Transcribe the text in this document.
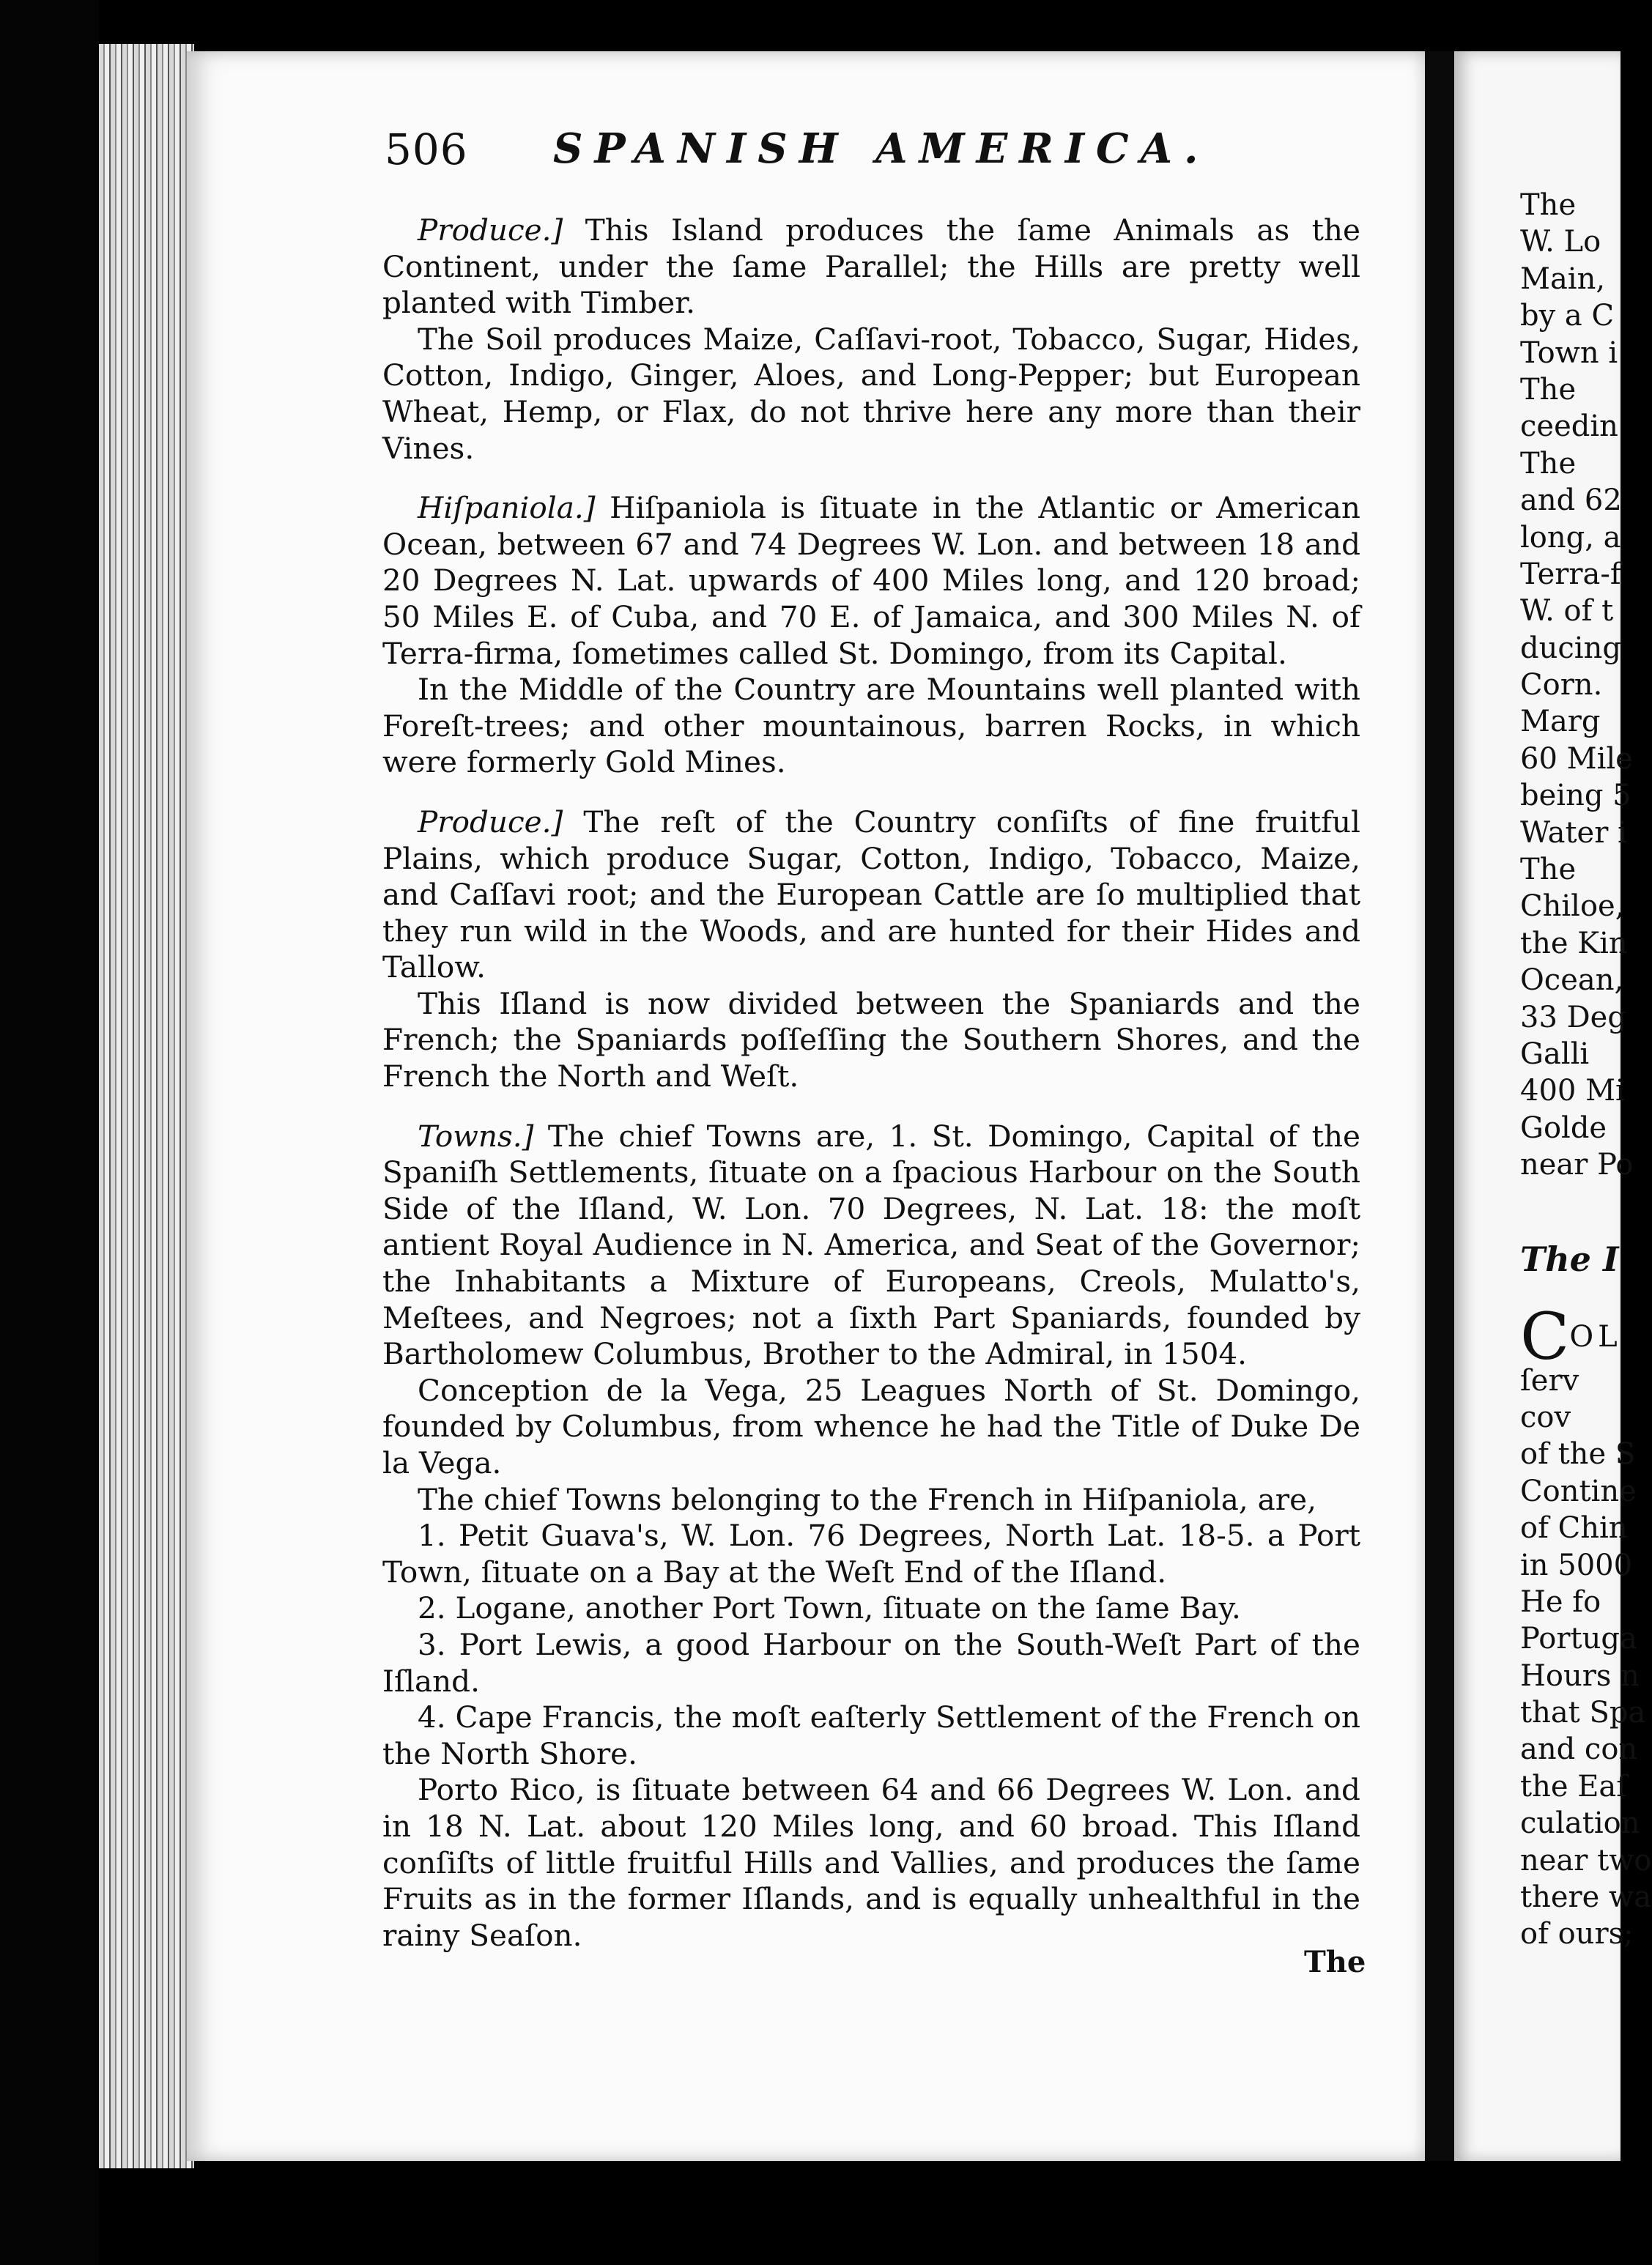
506 SPANISH AMERICA.

Produce.] This Island produces the ſame Animals as the Continent, under the ſame Parallel; the Hills are pretty well planted with Timber.

The Soil produces Maize, Caſſavi-root, Tobacco, Sugar, Hides, Cotton, Indigo, Ginger, Aloes, and Long-Pepper; but European Wheat, Hemp, or Flax, do not thrive here any more than their Vines.

Hiſpaniola.] Hiſpaniola is ſituate in the Atlantic or American Ocean, between 67 and 74 Degrees W. Lon. and between 18 and 20 Degrees N. Lat. upwards of 400 Miles long, and 120 broad; 50 Miles E. of Cuba, and 70 E. of Jamaica, and 300 Miles N. of Terra-firma, ſometimes called St. Domingo, from its Capital.

In the Middle of the Country are Mountains well planted with Foreſt-trees; and other mountainous, barren Rocks, in which were formerly Gold Mines.

Produce.] The reſt of the Country conſiſts of fine fruitful Plains, which produce Sugar, Cotton, Indigo, Tobacco, Maize, and Caſſavi root; and the European Cattle are ſo multiplied that they run wild in the Woods, and are hunted for their Hides and Tallow.

This Iſland is now divided between the Spaniards and the French; the Spaniards poſſeſſing the Southern Shores, and the French the North and Weſt.

Towns.] The chief Towns are, 1. St. Domingo, Capital of the Spaniſh Settlements, ſituate on a ſpacious Harbour on the South Side of the Iſland, W. Lon. 70 Degrees, N. Lat. 18: the moſt antient Royal Audience in N. America, and Seat of the Governor; the Inhabitants a Mixture of Europeans, Creols, Mulatto's, Meſtees, and Negroes; not a ſixth Part Spaniards, founded by Bartholomew Columbus, Brother to the Admiral, in 1504.

Conception de la Vega, 25 Leagues North of St. Domingo, founded by Columbus, from whence he had the Title of Duke De la Vega.

The chief Towns belonging to the French in Hiſpaniola, are,

1. Petit Guava's, W. Lon. 76 Degrees, North Lat. 18-5. a Port Town, ſituate on a Bay at the Weſt End of the Iſland.

2. Logane, another Port Town, ſituate on the ſame Bay.

3. Port Lewis, a good Harbour on the South-Weſt Part of the Iſland.

4. Cape Francis, the moſt eaſterly Settlement of the French on the North Shore.

Porto Rico, is ſituate between 64 and 66 Degrees W. Lon. and in 18 N. Lat. about 120 Miles long, and 60 broad. This Iſland conſiſts of little fruitful Hills and Vallies, and produces the ſame Fruits as in the former Iſlands, and is equally unhealthful in the rainy Seaſon.

The
The
W. Lo
Main,
by a C
Town i
The
ceedin
The
and 62
long, a
Terra-f
W. of t
ducing
Corn.
Marg
60 Mile
being 5
Water i
The
Chiloe,
the Kin
Ocean,
33 Deg
Galli
400 Mi
Golde
near Po
The I
$C^{OL}$
ſerv
cov
of the S
Contine
of Chin
in 5000
He fo
Portuga
Hours n
that Spa
and con
the Eaſ
culation
near two
there wa
of ours;
